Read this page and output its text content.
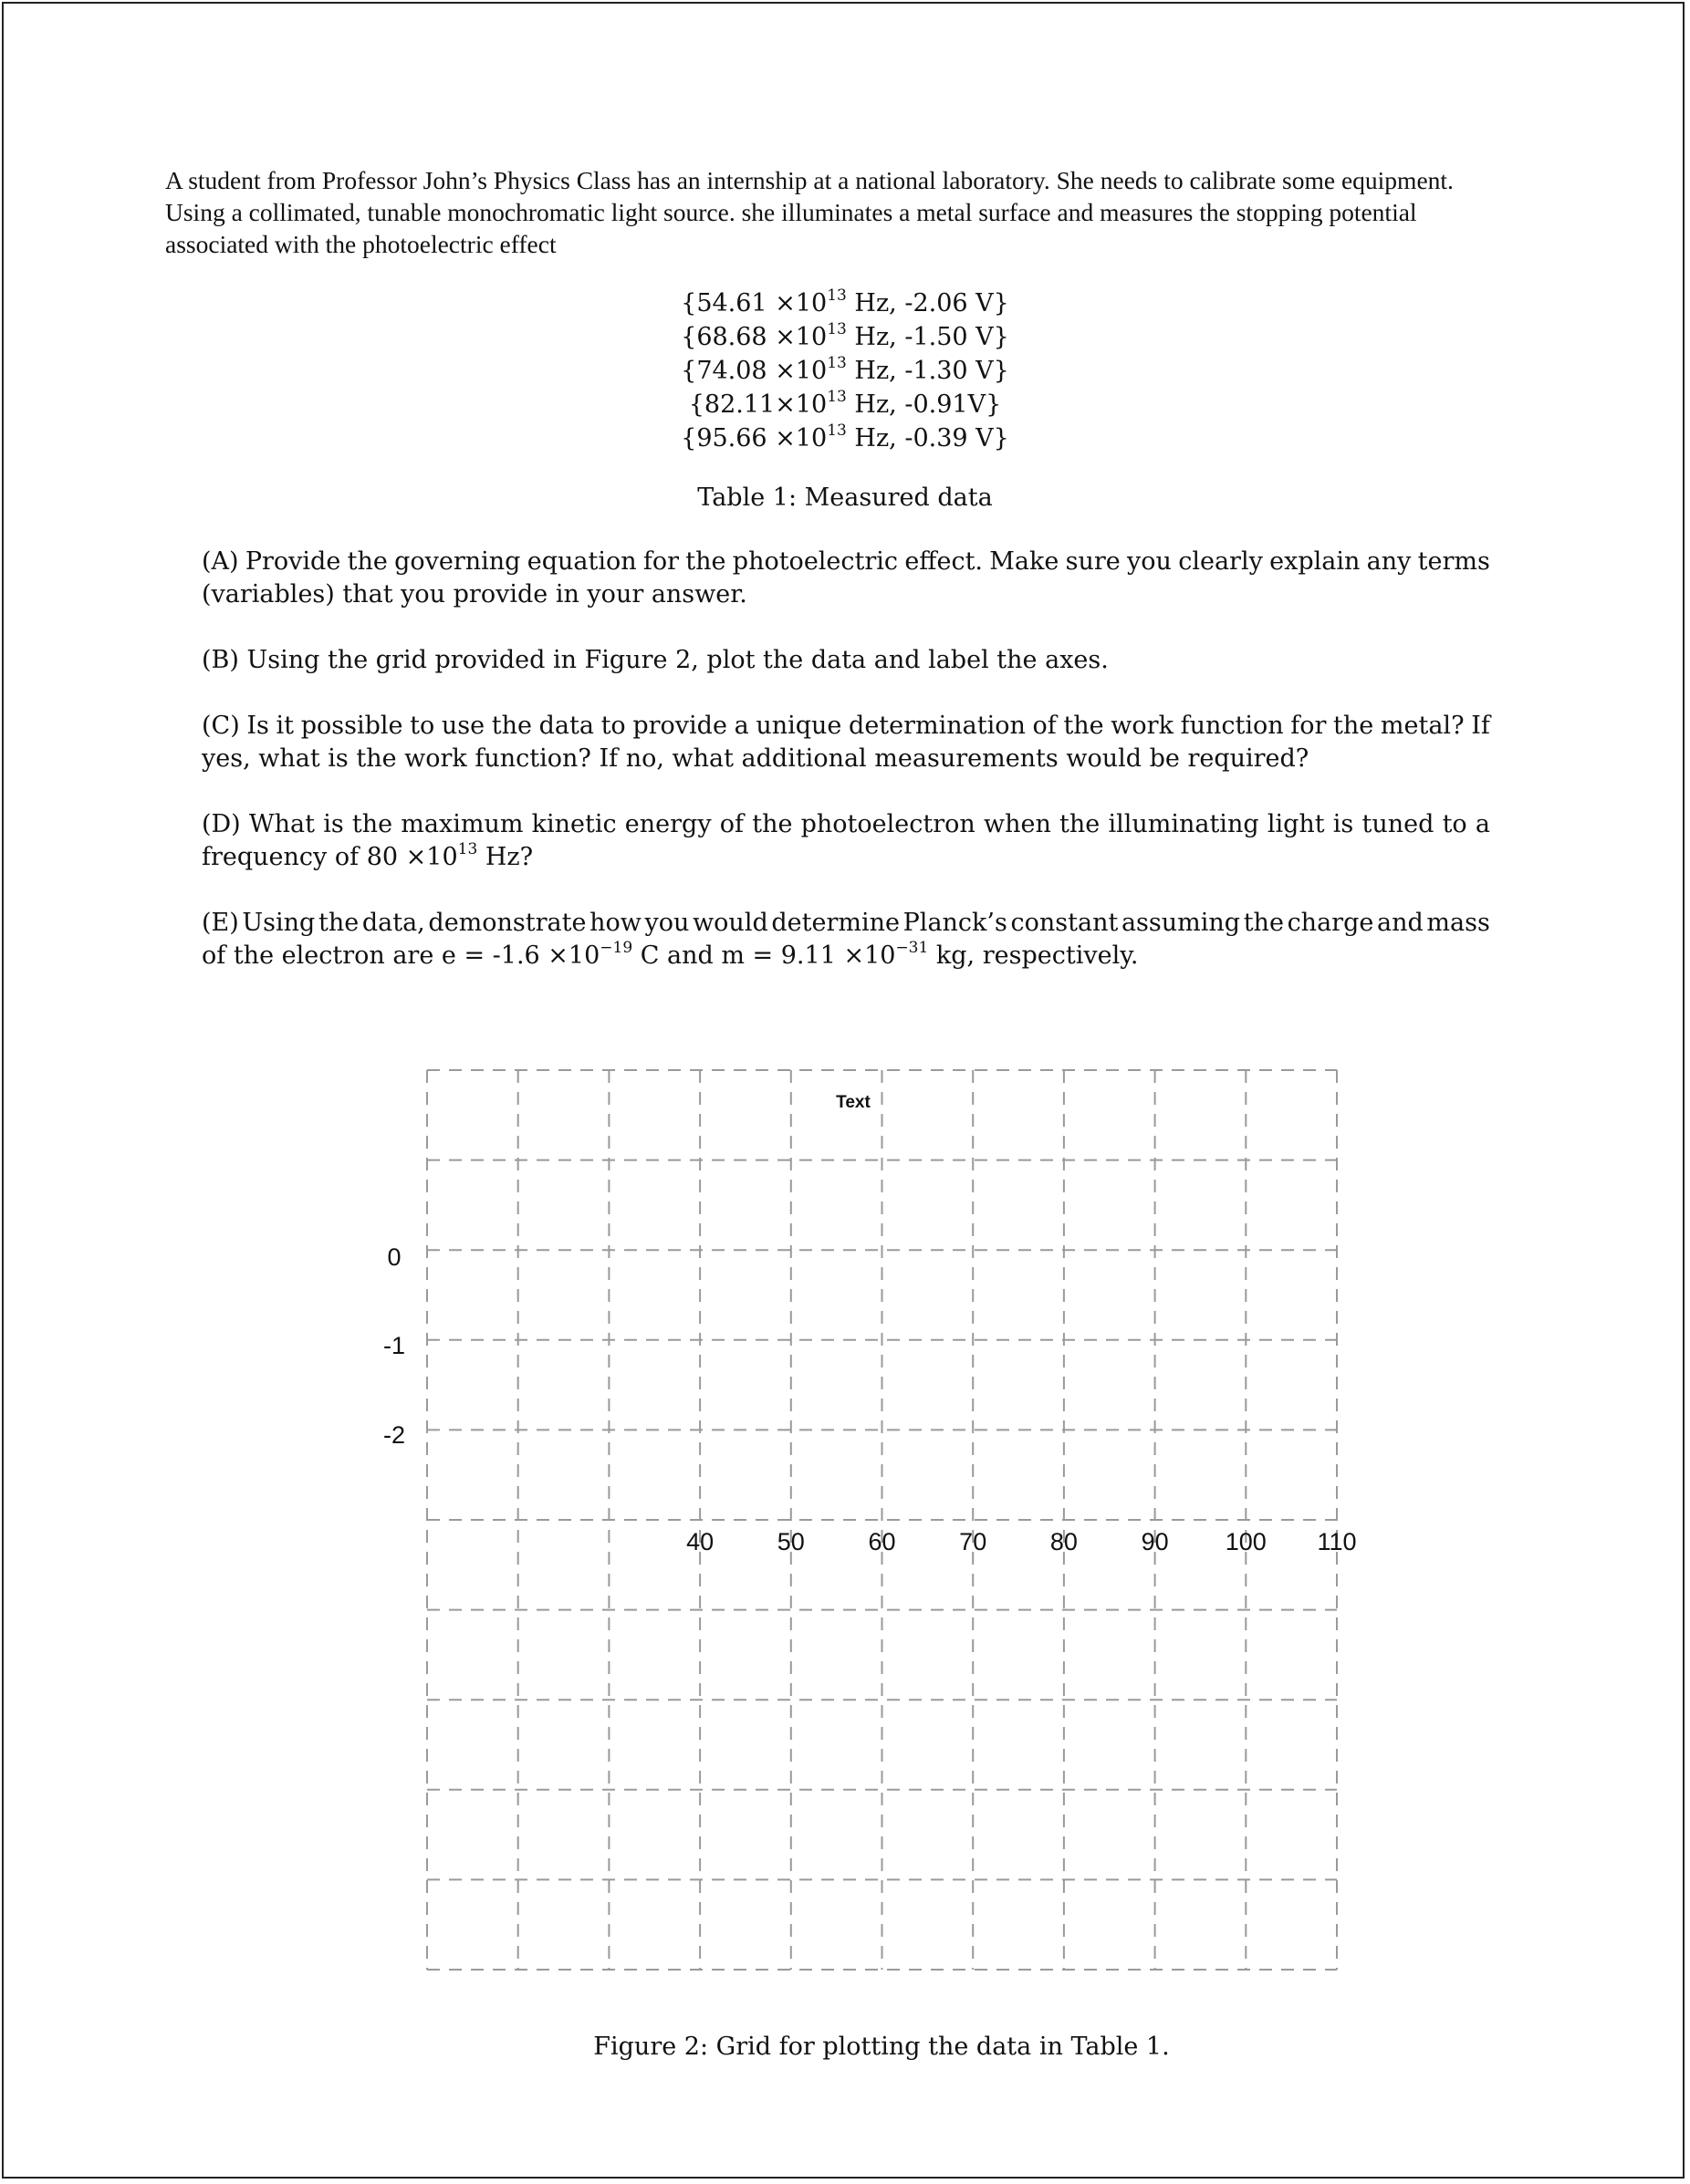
A student from Professor John’s Physics Class has an internship at a national laboratory. She needs to calibrate some equipment.
Using a collimated, tunable monochromatic light source. she illuminates a metal surface and measures the stopping potential
associated with the photoelectric effect
{$54.61 \times 10^{13}$ Hz, -2.06 V}
{$68.68 \times 10^{13}$ Hz, -1.50 V}
{$74.08 \times 10^{13}$ Hz, -1.30 V}
{$82.11\times 10^{13}$ Hz, -0.91V}
{$95.66 \times 10^{13}$ Hz, -0.39 V}
Table 1: Measured data
(A) Provide the governing equation for the photoelectric effect. Make sure you clearly explain any terms
(variables) that you provide in your answer.
(B) Using the grid provided in Figure 2, plot the data and label the axes.
(C) Is it possible to use the data to provide a unique determination of the work function for the metal? If
yes, what is the work function? If no, what additional measurements would be required?
(D) What is the maximum kinetic energy of the photoelectron when the illuminating light is tuned to a
frequency of $80 \times 10^{13}$ Hz?
(E) Using the data, demonstrate how you would determine Planck’s constant assuming the charge and mass
of the electron are $e = -1.6 \times 10^{-19}$ C and $m = 9.11 \times 10^{-31}$ kg, respectively.
Text
0
-1
-2
40	50	60	70	80	90 100 110
Figure 2: Grid for plotting the data in Table 1.
